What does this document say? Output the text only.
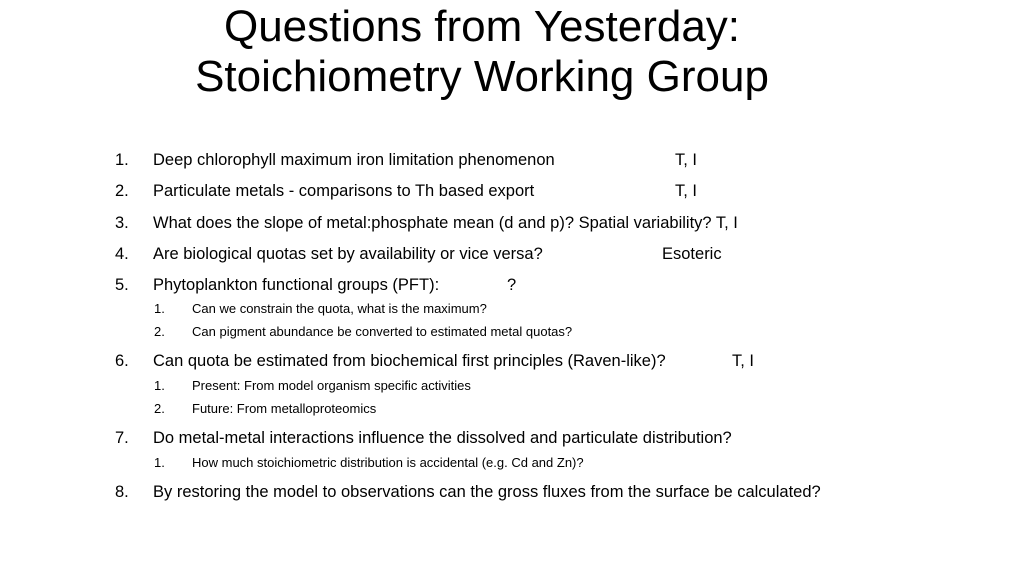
Questions from Yesterday:
Stoichiometry Working Group
1. Deep chlorophyll maximum iron limitation phenomenon	T, I
2. Particulate metals - comparisons to Th based export	T, I
3. What does the slope of metal:phosphate mean (d and p)? Spatial variability? T, I
4. Are biological quotas set by availability or vice versa?	Esoteric
5. Phytoplankton functional groups (PFT):	?
1. Can we constrain the quota, what is the maximum?
2. Can pigment abundance be converted to estimated metal quotas?
6. Can quota be estimated from biochemical first principles (Raven-like)?	T, I
1. Present: From model organism specific activities
2. Future: From metalloproteomics
7. Do metal-metal interactions influence the dissolved and particulate distribution?
1. How much stoichiometric distribution is accidental (e.g. Cd and Zn)?
8. By restoring the model to observations can the gross fluxes from the surface be calculated?
